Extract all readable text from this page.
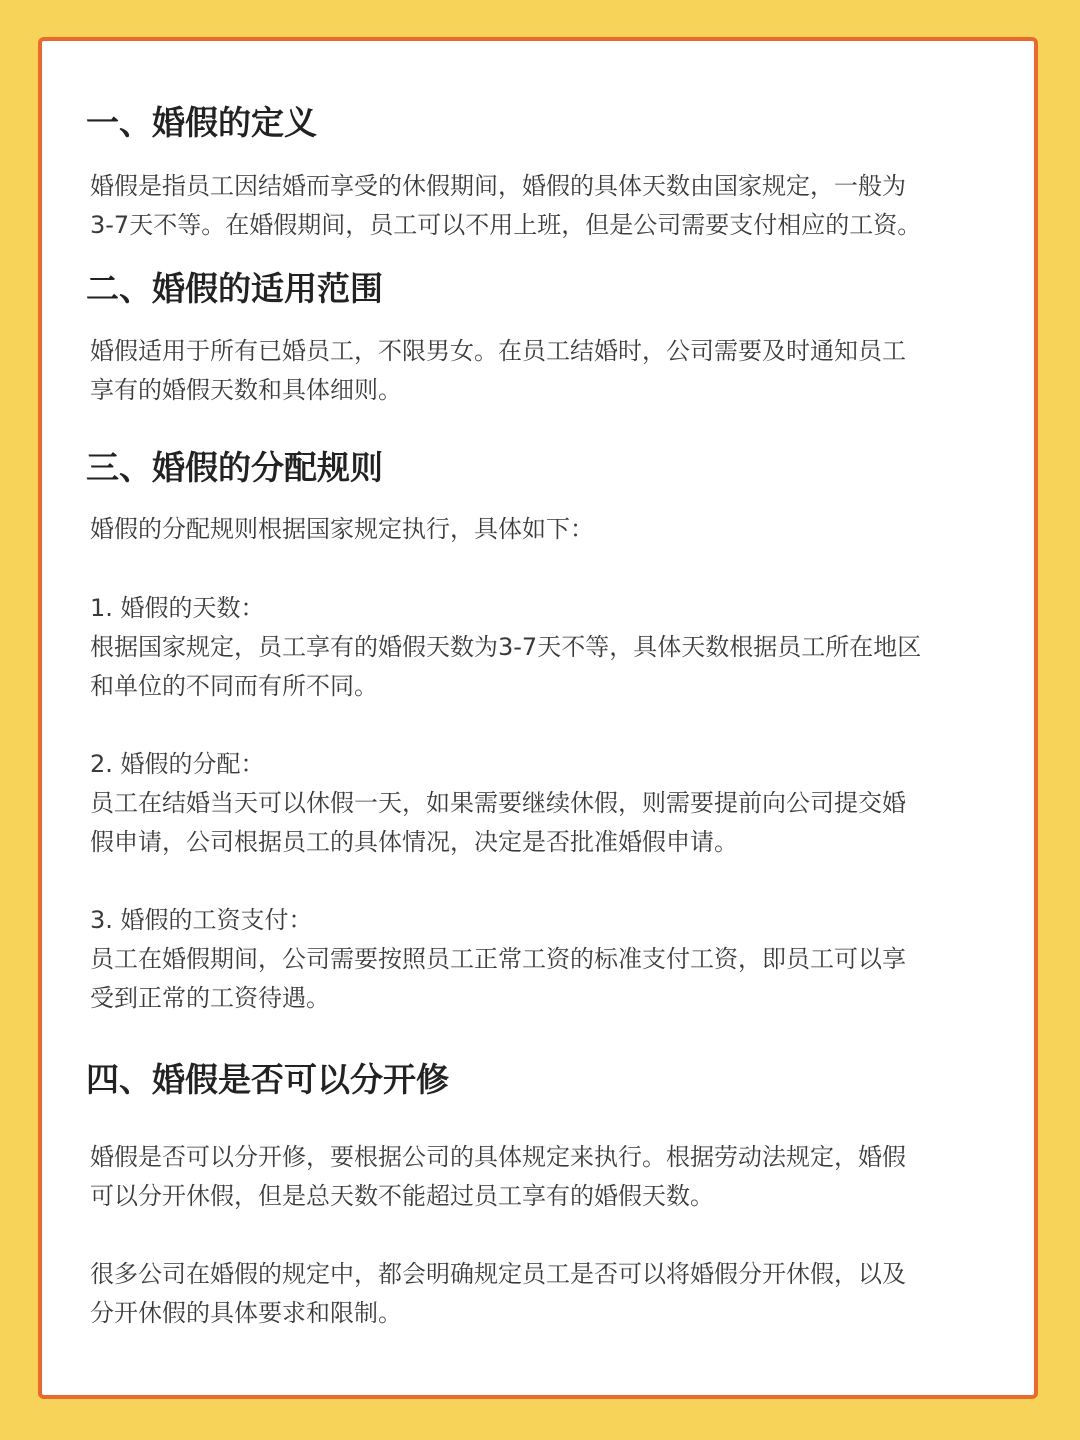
一、婚假的定义

婚假是指员工因结婚而享受的休假期间，婚假的具体天数由国家规定，一般为
3-7天不等。在婚假期间，员工可以不用上班，但是公司需要支付相应的工资。

二、婚假的适用范围

婚假适用于所有已婚员工，不限男女。在员工结婚时，公司需要及时通知员工
享有的婚假天数和具体细则。

三、婚假的分配规则

婚假的分配规则根据国家规定执行，具体如下：

1. 婚假的天数：
根据国家规定，员工享有的婚假天数为3-7天不等，具体天数根据员工所在地区
和单位的不同而有所不同。

2. 婚假的分配：
员工在结婚当天可以休假一天，如果需要继续休假，则需要提前向公司提交婚
假申请，公司根据员工的具体情况，决定是否批准婚假申请。

3. 婚假的工资支付：
员工在婚假期间，公司需要按照员工正常工资的标准支付工资，即员工可以享
受到正常的工资待遇。

四、婚假是否可以分开修

婚假是否可以分开修，要根据公司的具体规定来执行。根据劳动法规定，婚假
可以分开休假，但是总天数不能超过员工享有的婚假天数。

很多公司在婚假的规定中，都会明确规定员工是否可以将婚假分开休假，以及
分开休假的具体要求和限制。
